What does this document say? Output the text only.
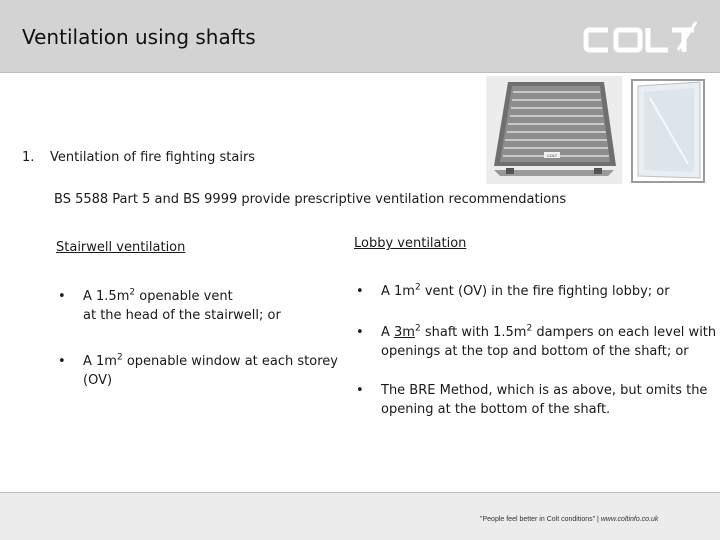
Ventilation using shafts
COLT
1. Ventilation of fire fighting stairs
BS 5588 Part 5 and BS 9999 provide prescriptive ventilation recommendations
Stairwell ventilation
• A $1.5m^2$ openable vent
at the head of the stairwell; or
• A $1m^2$ openable window at each storey
(OV)
Lobby ventilation
• A $1m^2$ vent (OV) in the fire fighting lobby; or
• A $3m^2$ shaft with $1.5m^2$ dampers on each level with
openings at the top and bottom of the shaft; or
• The BRE Method, which is as above, but omits the
opening at the bottom of the shaft.
"People feel better in Colt conditions" | www.coltinfo.co.uk
